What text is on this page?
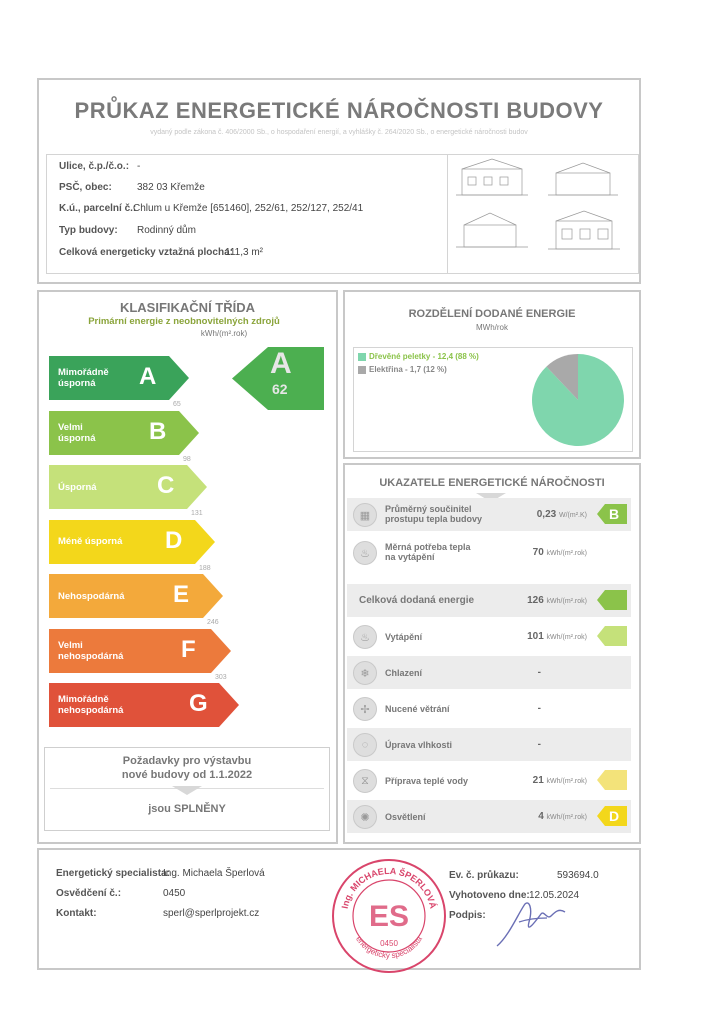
PRŮKAZ ENERGETICKÉ NÁROČNOSTI BUDOVY
vydaný podle zákona č. 406/2000 Sb., o hospodaření energií, a vyhlášky č. 264/2020 Sb., o energetické náročnosti budov
Ulice, č.p./č.o.: -
PSČ, obec:	382 03 Křemže
K.ú., parcelní č.:
Chlum u Křemže [651460], 252/61, 252/127, 252/41
Typ budovy: Rodinný dům
Celková energeticky vztažná plocha:
111,3 m²
KLASIFIKAČNÍ TŘÍDA
Primární energie z neobnovitelných zdrojů
kWh/(m².rok)
A
62
Mimořádně
úsporná	A
65
Velmi
úsporná B
98
Úsporná	C
131
Méně úsporná D
188
Nehospodárná E
246
Velmi
nehospodárná F
303
Mimořádně
nehospodárná	G
Požadavky pro výstavbu
nové budovy od 1.1.2022
jsou SPLNĚNY
ROZDĚLENÍ DODANÉ ENERGIE
MWh/rok
Dřevěné peletky - 12,4 (88 %)
Elektřina - 1,7 (12 %)
UKAZATELE ENERGETICKÉ NÁROČNOSTI
▦
Průměrný součinitel
prostupu tepla budovy	0,23 W/(m².K) B
♨
Měrná potřeba tepla
na vytápění	70 kWh/(m².rok)
Celková dodaná energie	126 kWh/(m².rok)
♨	Vytápění	101 kWh/(m².rok)
❄	Chlazení	-
✢	Nucené větrání	-
◌	Úprava vlhkosti	-
⧖	Příprava teplé vody	21 kWh/(m².rok)
✺	Osvětlení	4 kWh/(m².rok) D
Energetický specialista:
Ing. Michaela Šperlová
Osvědčení č.:	0450
Kontakt:	sperl@sperlprojekt.cz
Ev. č. průkazu:	593694.0
Vyhotoveno dne: 12.05.2024
Podpis:
Ing. MICHAELA ŠPERLOVÁ
energetický specialista
ES
0450
